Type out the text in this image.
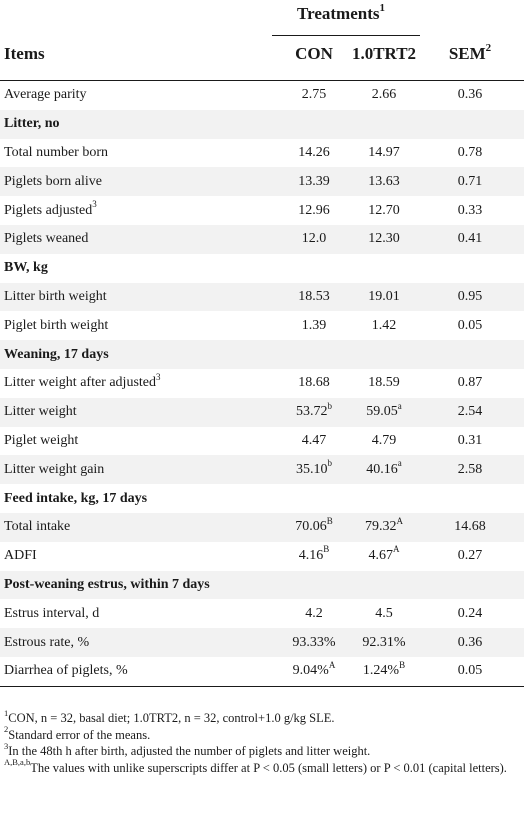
Treatments$^1$
Items	CON	1.0TRT2	SEM$^2$
Average parity	2.75	2.66	0.36
Litter, no
Total number born	14.26	14.97	0.78
Piglets born alive	13.39	13.63	0.71
Piglets adjusted$^3$	12.96	12.70	0.33
Piglets weaned	12.0	12.30	0.41
BW, kg
Litter birth weight	18.53	19.01	0.95
Piglet birth weight	1.39	1.42	0.05
Weaning, 17 days
Litter weight after adjusted$^3$	18.68	18.59	0.87
Litter weight	53.72$^b$	59.05$^a$	2.54
Piglet weight	4.47	4.79	0.31
Litter weight gain	35.10$^b$	40.16$^a$	2.58
Feed intake, kg, 17 days
Total intake	$70.06^B$	$79.32^A$	14.68
ADFI	$4.16^B$	$4.67^A$	0.27
Post-weaning estrus, within 7 days
Estrus interval, d	4.2	4.5	0.24
Estrous rate, %	93.33%	92.31%	0.36
Diarrhea of piglets, %	9.04%$^A$	1.24%$^B$	0.05
$^1$CON, n = 32, basal diet; 1.0TRT2, n = 32, control+1.0 g/kg SLE.
$^2$Standard error of the means.
$^3$In the 48th h after birth, adjusted the number of piglets and litter weight.
$^{A,B,a,b}$The values with unlike superscripts differ at P < 0.05 (small letters) or P < 0.01 (capital letters).
